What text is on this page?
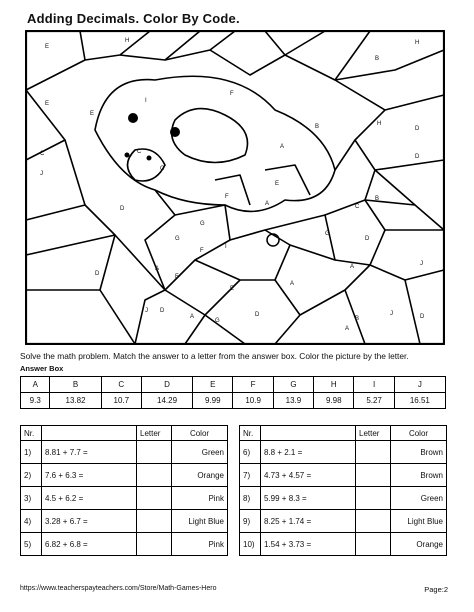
Adding Decimals. Color By Code.
E
H	H
E
I
F
E
B
H
D
C
A
J
B
C
F
E
B
D
D
G
G
F
I
A
E
J
G
D
C
A
A
D
A
F
A
J D
B
D
G
A
J	D
C
Solve the math problem. Match the answer to a letter from the answer box. Color the picture by the letter.
Answer Box
A	B	C	D	E	F	G	H	I	J
9.3	13.82	10.7	14.29	9.99	10.9	13.9	9.98	5.27	16.51
Nr.		Letter	Color
1)	8.81 + 7.7 =		Green
2)	7.6 + 6.3 =		Orange
3)	4.5 + 6.2 =		Pink
4)	3.28 + 6.7 =		Light Blue
5)	6.82 + 6.8 =		Pink
Nr.		Letter	Color
6)	8.8 + 2.1 =		Brown
7)	4.73 + 4.57 =		Brown
8)	5.99 + 8.3 =		Green
9)	8.25 + 1.74 =		Light Blue
10)	1.54 + 3.73 =		Orange
https://www.teacherspayteachers.com/Store/Math-Games-Hero	Page:2
